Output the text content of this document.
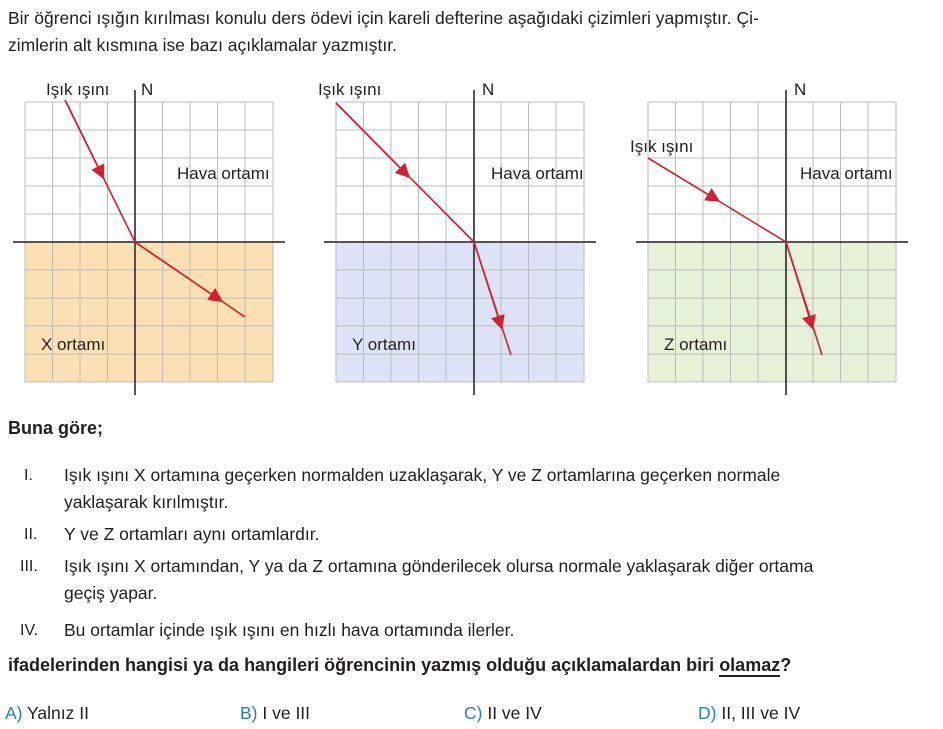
Bir öğrenci ışığın kırılması konulu ders ödevi için kareli defterine aşağıdaki çizimleri yapmıştır. Çi-
zimlerin alt kısmına ise bazı açıklamalar yazmıştır.
Işık ışını N
Hava ortamı
X ortamı
Işık ışını	N
Hava ortamı
Y ortamı
Işık ışını
N
Hava ortamı
Z ortamı
Buna göre;
I. Işık ışını X ortamına geçerken normalden uzaklaşarak, Y ve Z ortamlarına geçerken normale
yaklaşarak kırılmıştır.
II. Y ve Z ortamları aynı ortamlardır.
III. Işık ışını X ortamından, Y ya da Z ortamına gönderilecek olursa normale yaklaşarak diğer ortama
geçiş yapar.
IV. Bu ortamlar içinde ışık ışını en hızlı hava ortamında ilerler.
ifadelerinden hangisi ya da hangileri öğrencinin yazmış olduğu açıklamalardan biri olamaz?
A) Yalnız II	B) I ve III	C) II ve IV	D) II, III ve IV
